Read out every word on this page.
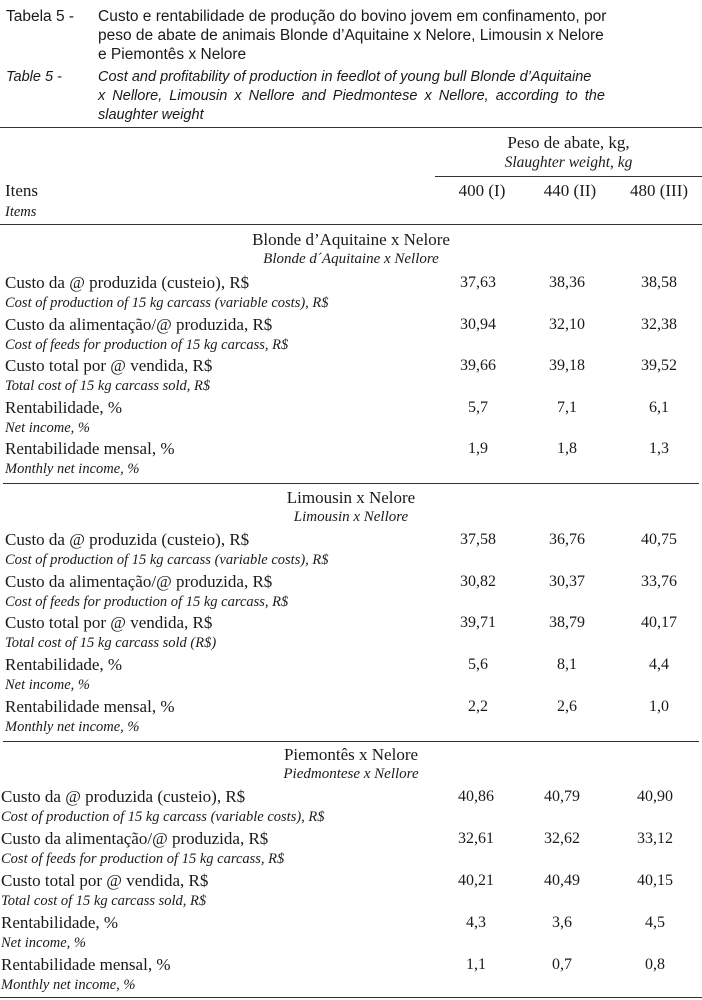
Tabela 5 - Custo e rentabilidade de produção do bovino jovem em confinamento, por
peso de abate de animais Blonde d’Aquitaine x Nelore, Limousin x Nelore
e Piemontês x Nelore
Table 5 - Cost and profitability of production in feedlot of young bull Blonde d’Aquitaine
x Nellore, Limousin x Nellore and Piedmontese x Nellore, according to the
slaughter weight
Peso de abate, kg,
Slaughter weight, kg
Itens
Items
400 (I)	440 (II)	480 (III)
Blonde d’Aquitaine x Nelore
Blonde d´Aquitaine x Nellore
Custo da @ produzida (custeio), R$
Cost of production of 15 kg carcass (variable costs), R$
37,63	38,36	38,58
Custo da alimentação/@ produzida, R$
Cost of feeds for production of 15 kg carcass, R$
30,94	32,10	32,38
Custo total por @ vendida, R$
Total cost of 15 kg carcass sold, R$
39,66	39,18	39,52
Rentabilidade, %
Net income, %
5,7	7,1	6,1
Rentabilidade mensal, %
Monthly net income, %
1,9	1,8	1,3
Limousin x Nelore
Limousin x Nellore
Custo da @ produzida (custeio), R$
Cost of production of 15 kg carcass (variable costs), R$
37,58	36,76	40,75
Custo da alimentação/@ produzida, R$
Cost of feeds for production of 15 kg carcass, R$
30,82	30,37	33,76
Custo total por @ vendida, R$
Total cost of 15 kg carcass sold (R$)
39,71	38,79	40,17
Rentabilidade, %
Net income, %
5,6	8,1	4,4
Rentabilidade mensal, %
Monthly net income, %
2,2	2,6	1,0
Piemontês x Nelore
Piedmontese x Nellore
Custo da @ produzida (custeio), R$
Cost of production of 15 kg carcass (variable costs), R$
40,86	40,79	40,90
Custo da alimentação/@ produzida, R$
Cost of feeds for production of 15 kg carcass, R$
32,61	32,62	33,12
Custo total por @ vendida, R$
Total cost of 15 kg carcass sold, R$
40,21	40,49	40,15
Rentabilidade, %
Net income, %
4,3	3,6	4,5
Rentabilidade mensal, %
Monthly net income, %
1,1	0,7	0,8
